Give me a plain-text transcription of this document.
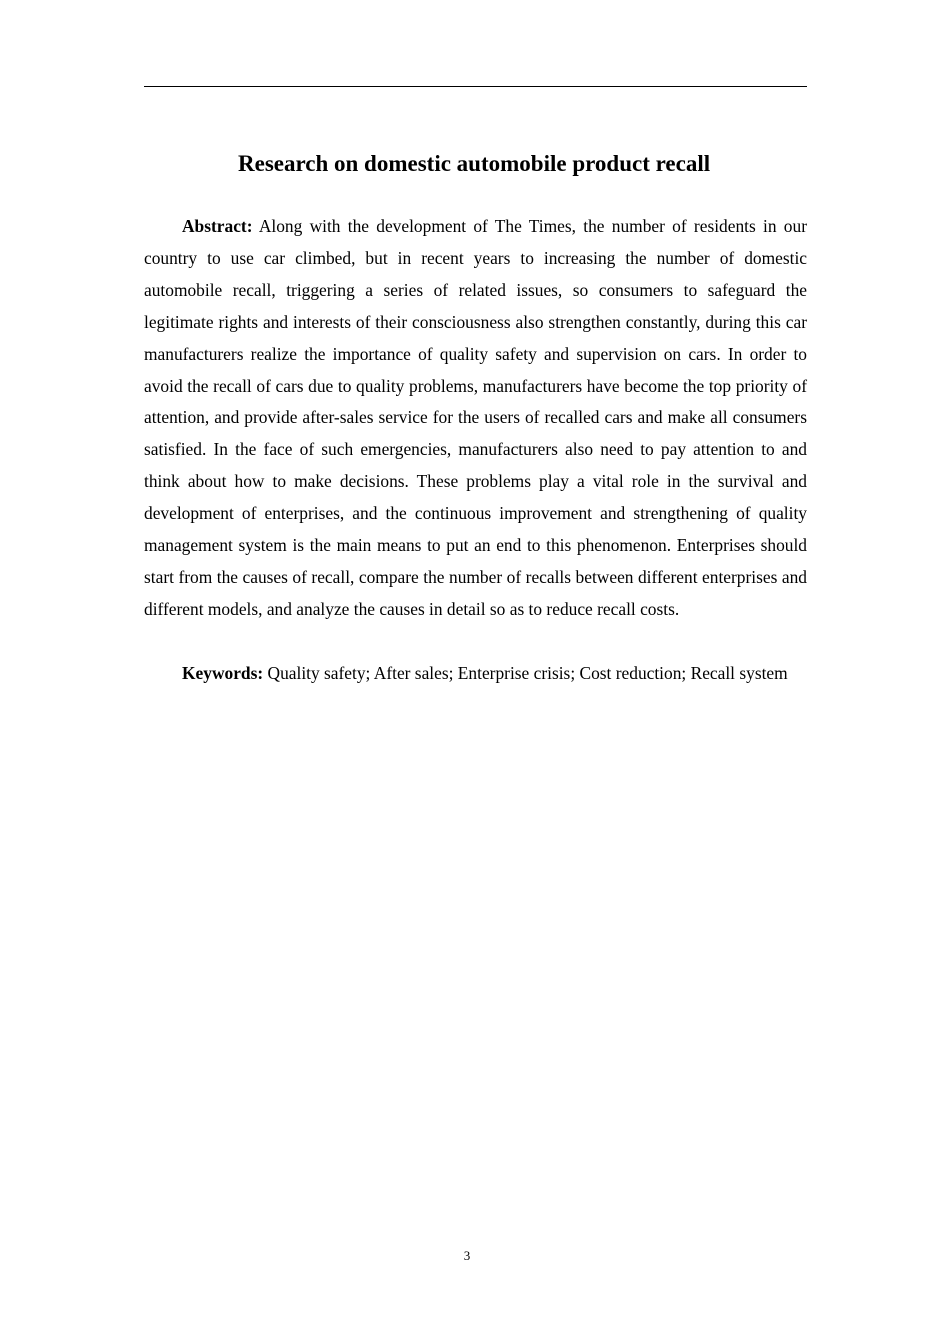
Research on domestic automobile product recall

Abstract: Along with the development of The Times, the number of residents in our country to use car climbed, but in recent years to increasing the number of domestic automobile recall, triggering a series of related issues, so consumers to safeguard the legitimate rights and interests of their consciousness also strengthen constantly, during this car manufacturers realize the importance of quality safety and supervision on cars. In order to avoid the recall of cars due to quality problems, manufacturers have become the top priority of attention, and provide after-sales service for the users of recalled cars and make all consumers satisfied. In the face of such emergencies, manufacturers also need to pay attention to and think about how to make decisions. These problems play a vital role in the survival and development of enterprises, and the continuous improvement and strengthening of quality management system is the main means to put an end to this phenomenon. Enterprises should start from the causes of recall, compare the number of recalls between different enterprises and different models, and analyze the causes in detail so as to reduce recall costs.

Keywords: Quality safety; After sales; Enterprise crisis; Cost reduction; Recall system

3
